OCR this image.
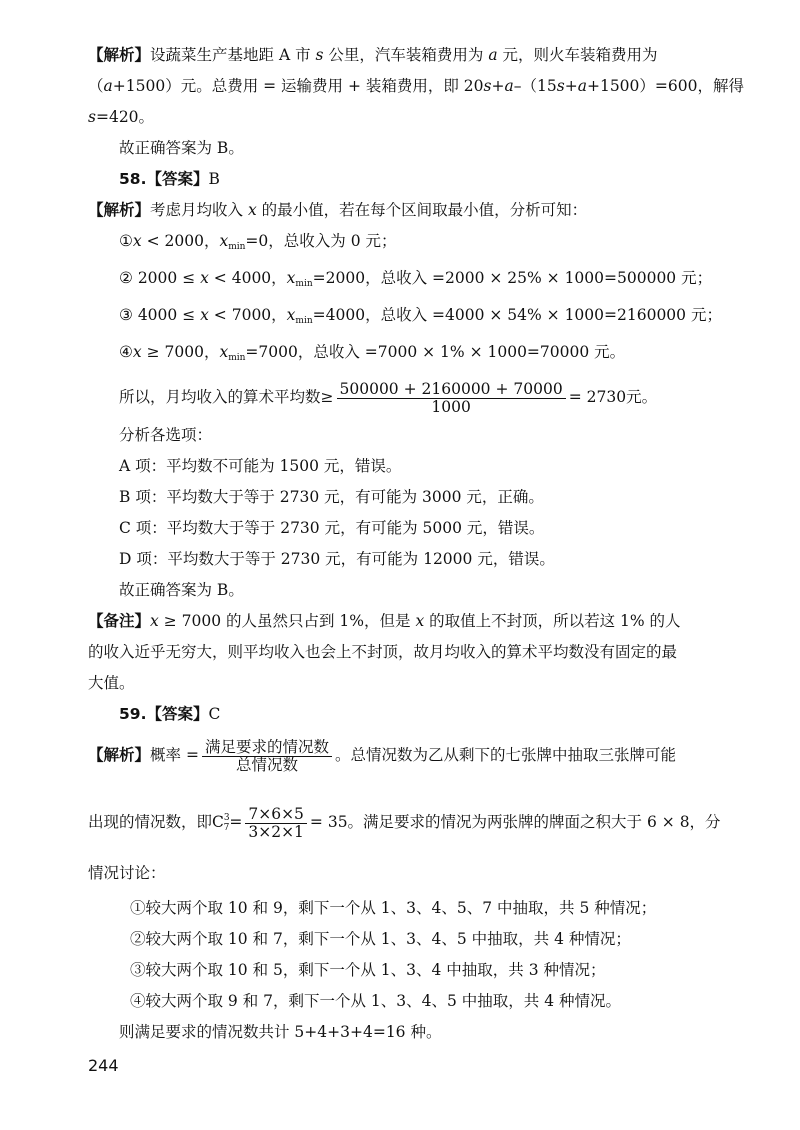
【解析】设蔬菜生产基地距 A 市 s 公里，汽车装箱费用为 a 元，则火车装箱费用为

（a+1500）元。总费用 = 运输费用 + 装箱费用，即 20s+a–（15s+a+1500）=600，解得

s=420。

故正确答案为 B。

58.【答案】B

【解析】考虑月均收入 x 的最小值，若在每个区间取最小值，分析可知：

①x < 2000，$x_{min}=0$，总收入为 0 元；

② 2000 ≤ x < 4000，$x_{min}=2000$，总收入 =2000 × 25% × 1000=500000 元；

③ 4000 ≤ x < 7000，$x_{min}=4000$，总收入 =4000 × 54% × 1000=2160000 元；

④x ≥ 7000，$x_{min}=7000$，总收入 =7000 × 1% × 1000=70000 元。

所以，月均收入的算术平均数≥ $\frac{500000 + 2160000 + 70000}{1000} = 2730$元。

分析各选项：

A 项：平均数不可能为 1500 元，错误。

B 项：平均数大于等于 2730 元，有可能为 3000 元，正确。

C 项：平均数大于等于 2730 元，有可能为 5000 元，错误。

D 项：平均数大于等于 2730 元，有可能为 12000 元，错误。

故正确答案为 B。

【备注】x ≥ 7000 的人虽然只占到 1%，但是 x 的取值上不封顶，所以若这 1% 的人

的收入近乎无穷大，则平均收入也会上不封顶，故月均收入的算术平均数没有固定的最

大值。

59.【答案】C

【解析】概率 = $\frac{\text{满足要求的情况数}}{\text{总情况数}}$ 。总情况数为乙从剩下的七张牌中抽取三张牌可能

出现的情况数，即$C^3_7= \frac{7\times 6\times 5}{3\times 2\times 1} = 35$。满足要求的情况为两张牌的牌面之积大于 6 × 8，分

情况讨论：

①较大两个取 10 和 9，剩下一个从 1、3、4、5、7 中抽取，共 5 种情况；

②较大两个取 10 和 7，剩下一个从 1、3、4、5 中抽取，共 4 种情况；

③较大两个取 10 和 5，剩下一个从 1、3、4 中抽取，共 3 种情况；

④较大两个取 9 和 7，剩下一个从 1、3、4、5 中抽取，共 4 种情况。

则满足要求的情况数共计 5+4+3+4=16 种。

244
